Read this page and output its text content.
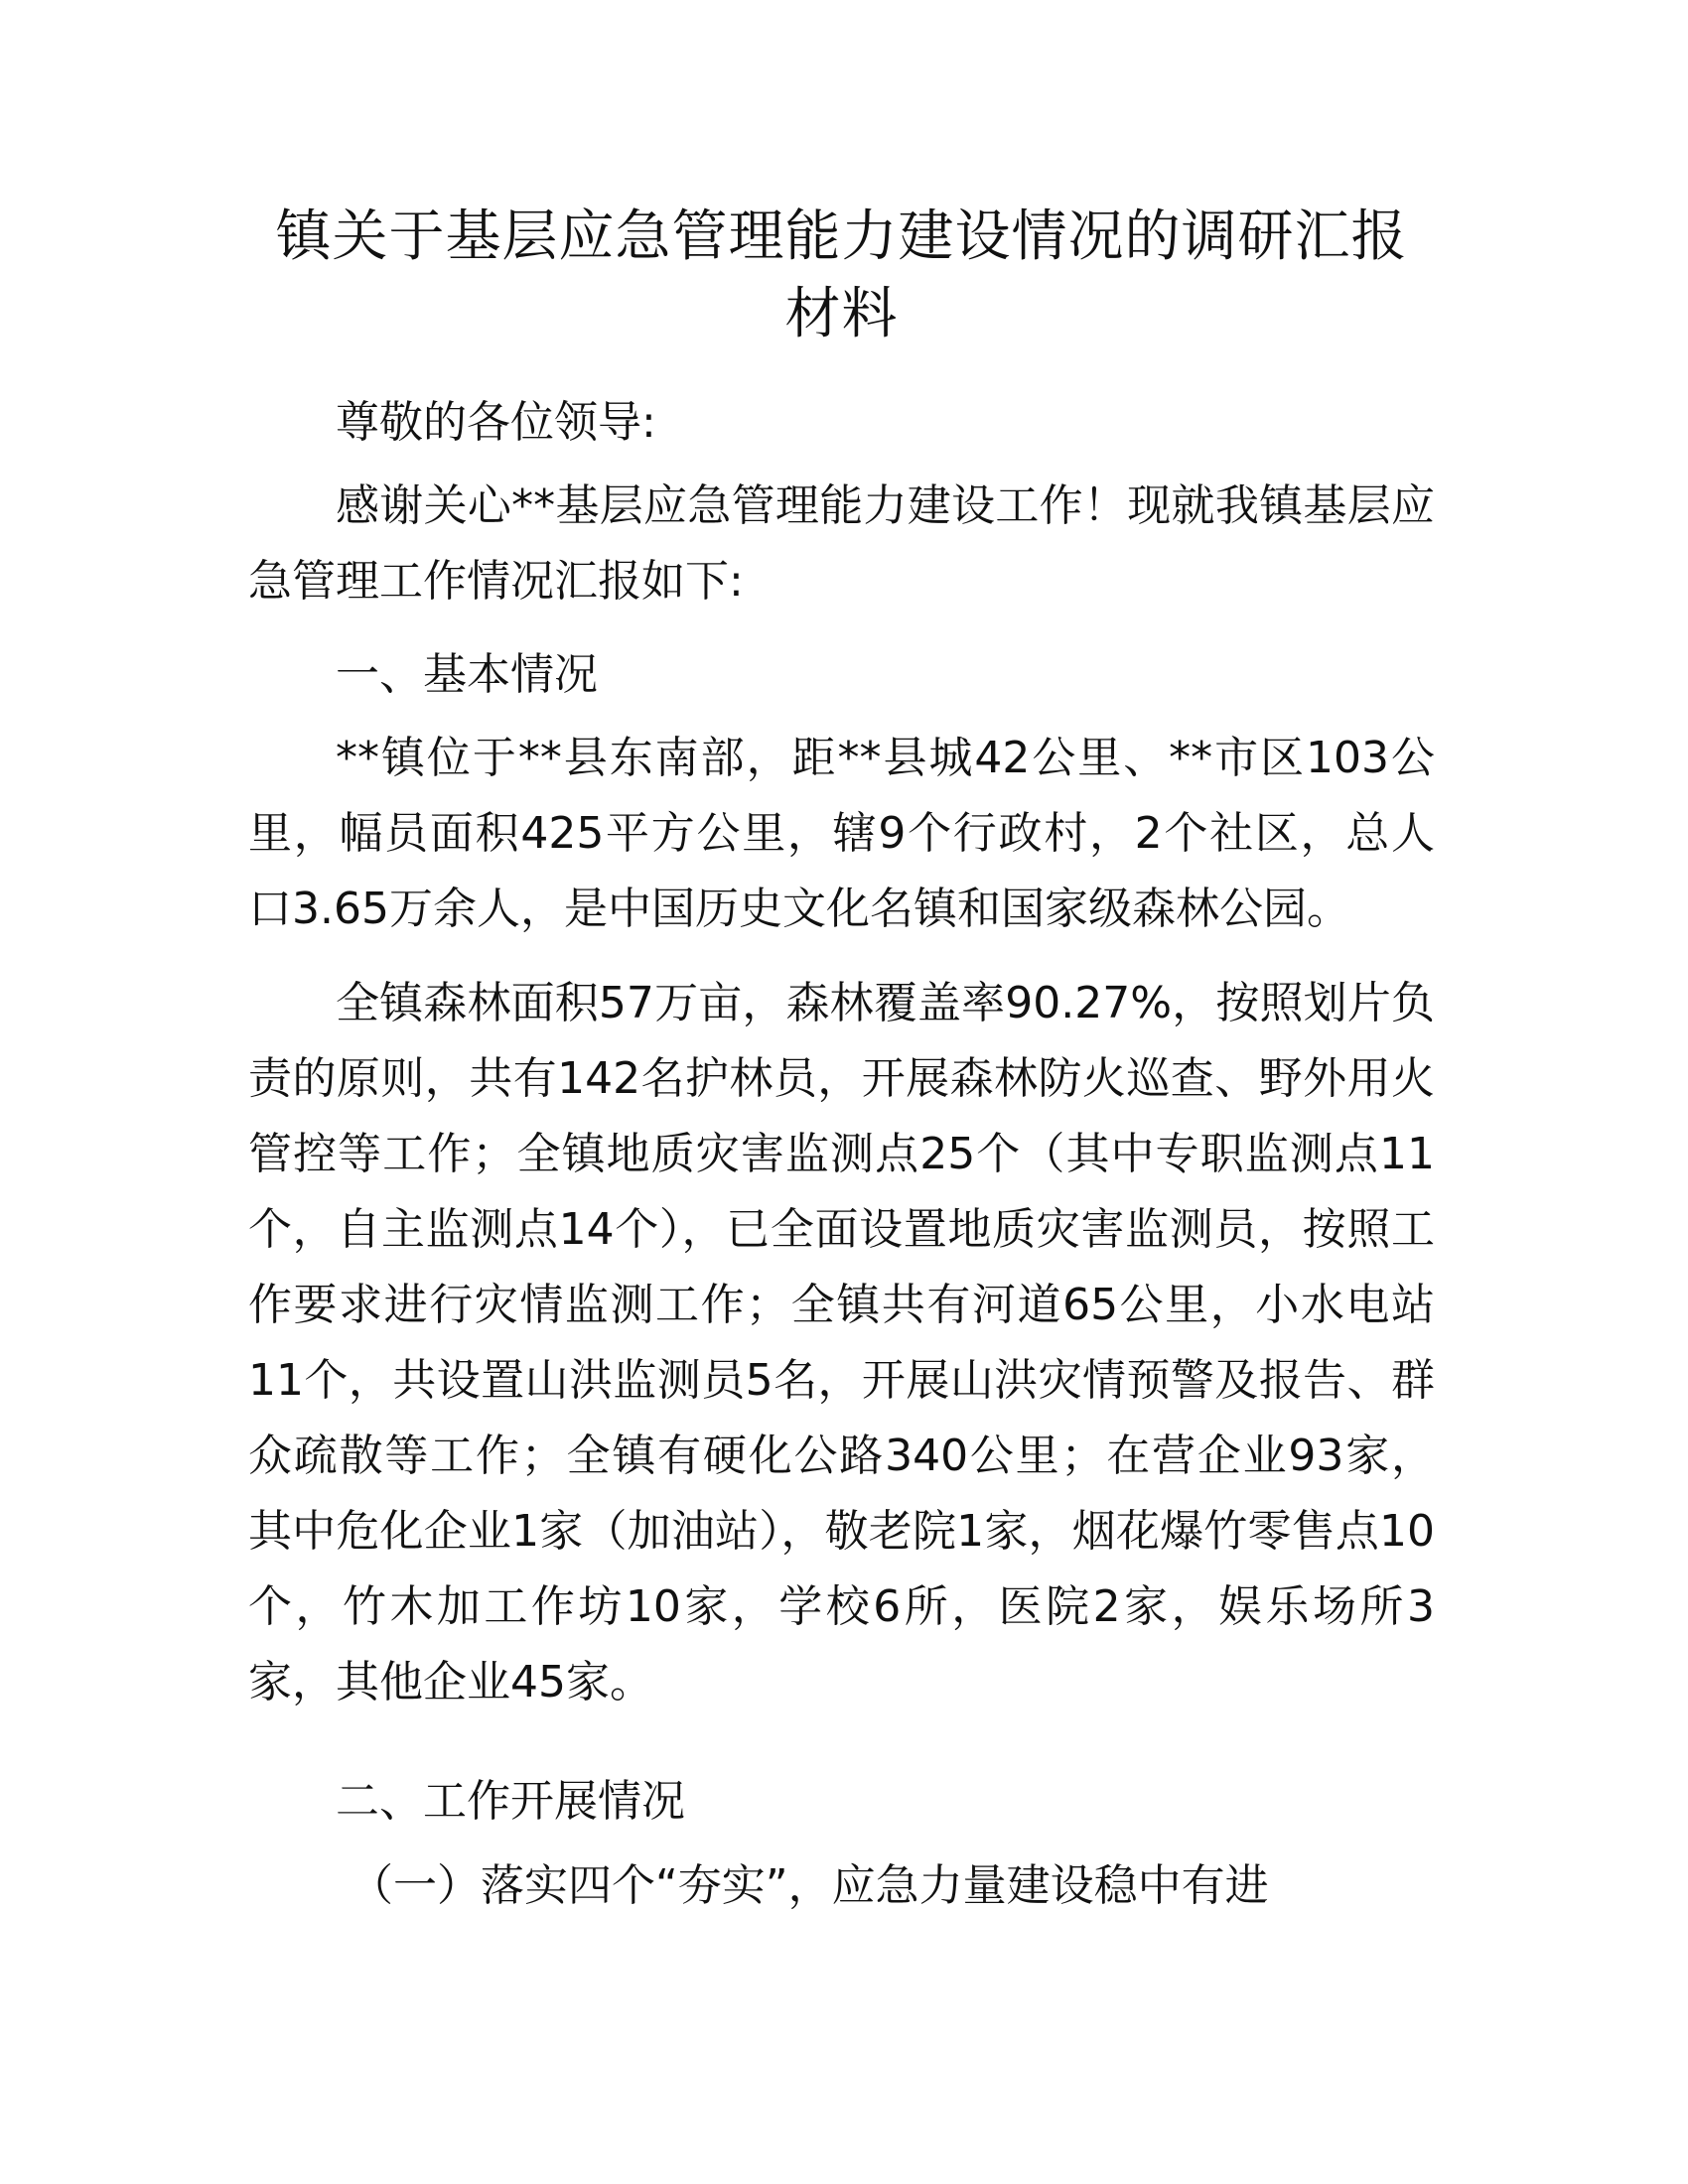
镇关于基层应急管理能力建设情况的调研汇报
材料

尊敬的各位领导:

感谢关心**基层应急管理能力建设工作！现就我镇基层应急管理工作情况汇报如下:

一、基本情况

**镇位于**县东南部，距**县城42公里、**市区103公里，幅员面积425平方公里，辖9个行政村，2个社区，总人口3.65万余人，是中国历史文化名镇和国家级森林公园。

全镇森林面积57万亩，森林覆盖率90.27%，按照划片负责的原则，共有142名护林员，开展森林防火巡查、野外用火管控等工作；全镇地质灾害监测点25个（其中专职监测点11个，自主监测点14个），已全面设置地质灾害监测员，按照工作要求进行灾情监测工作；全镇共有河道65公里，小水电站11个，共设置山洪监测员5名，开展山洪灾情预警及报告、群众疏散等工作；全镇有硬化公路340公里；在营企业93家，其中危化企业1家（加油站），敬老院1家，烟花爆竹零售点10个，竹木加工作坊10家，学校6所，医院2家，娱乐场所3家，其他企业45家。

二、工作开展情况

（一）落实四个“夯实”，应急力量建设稳中有进
